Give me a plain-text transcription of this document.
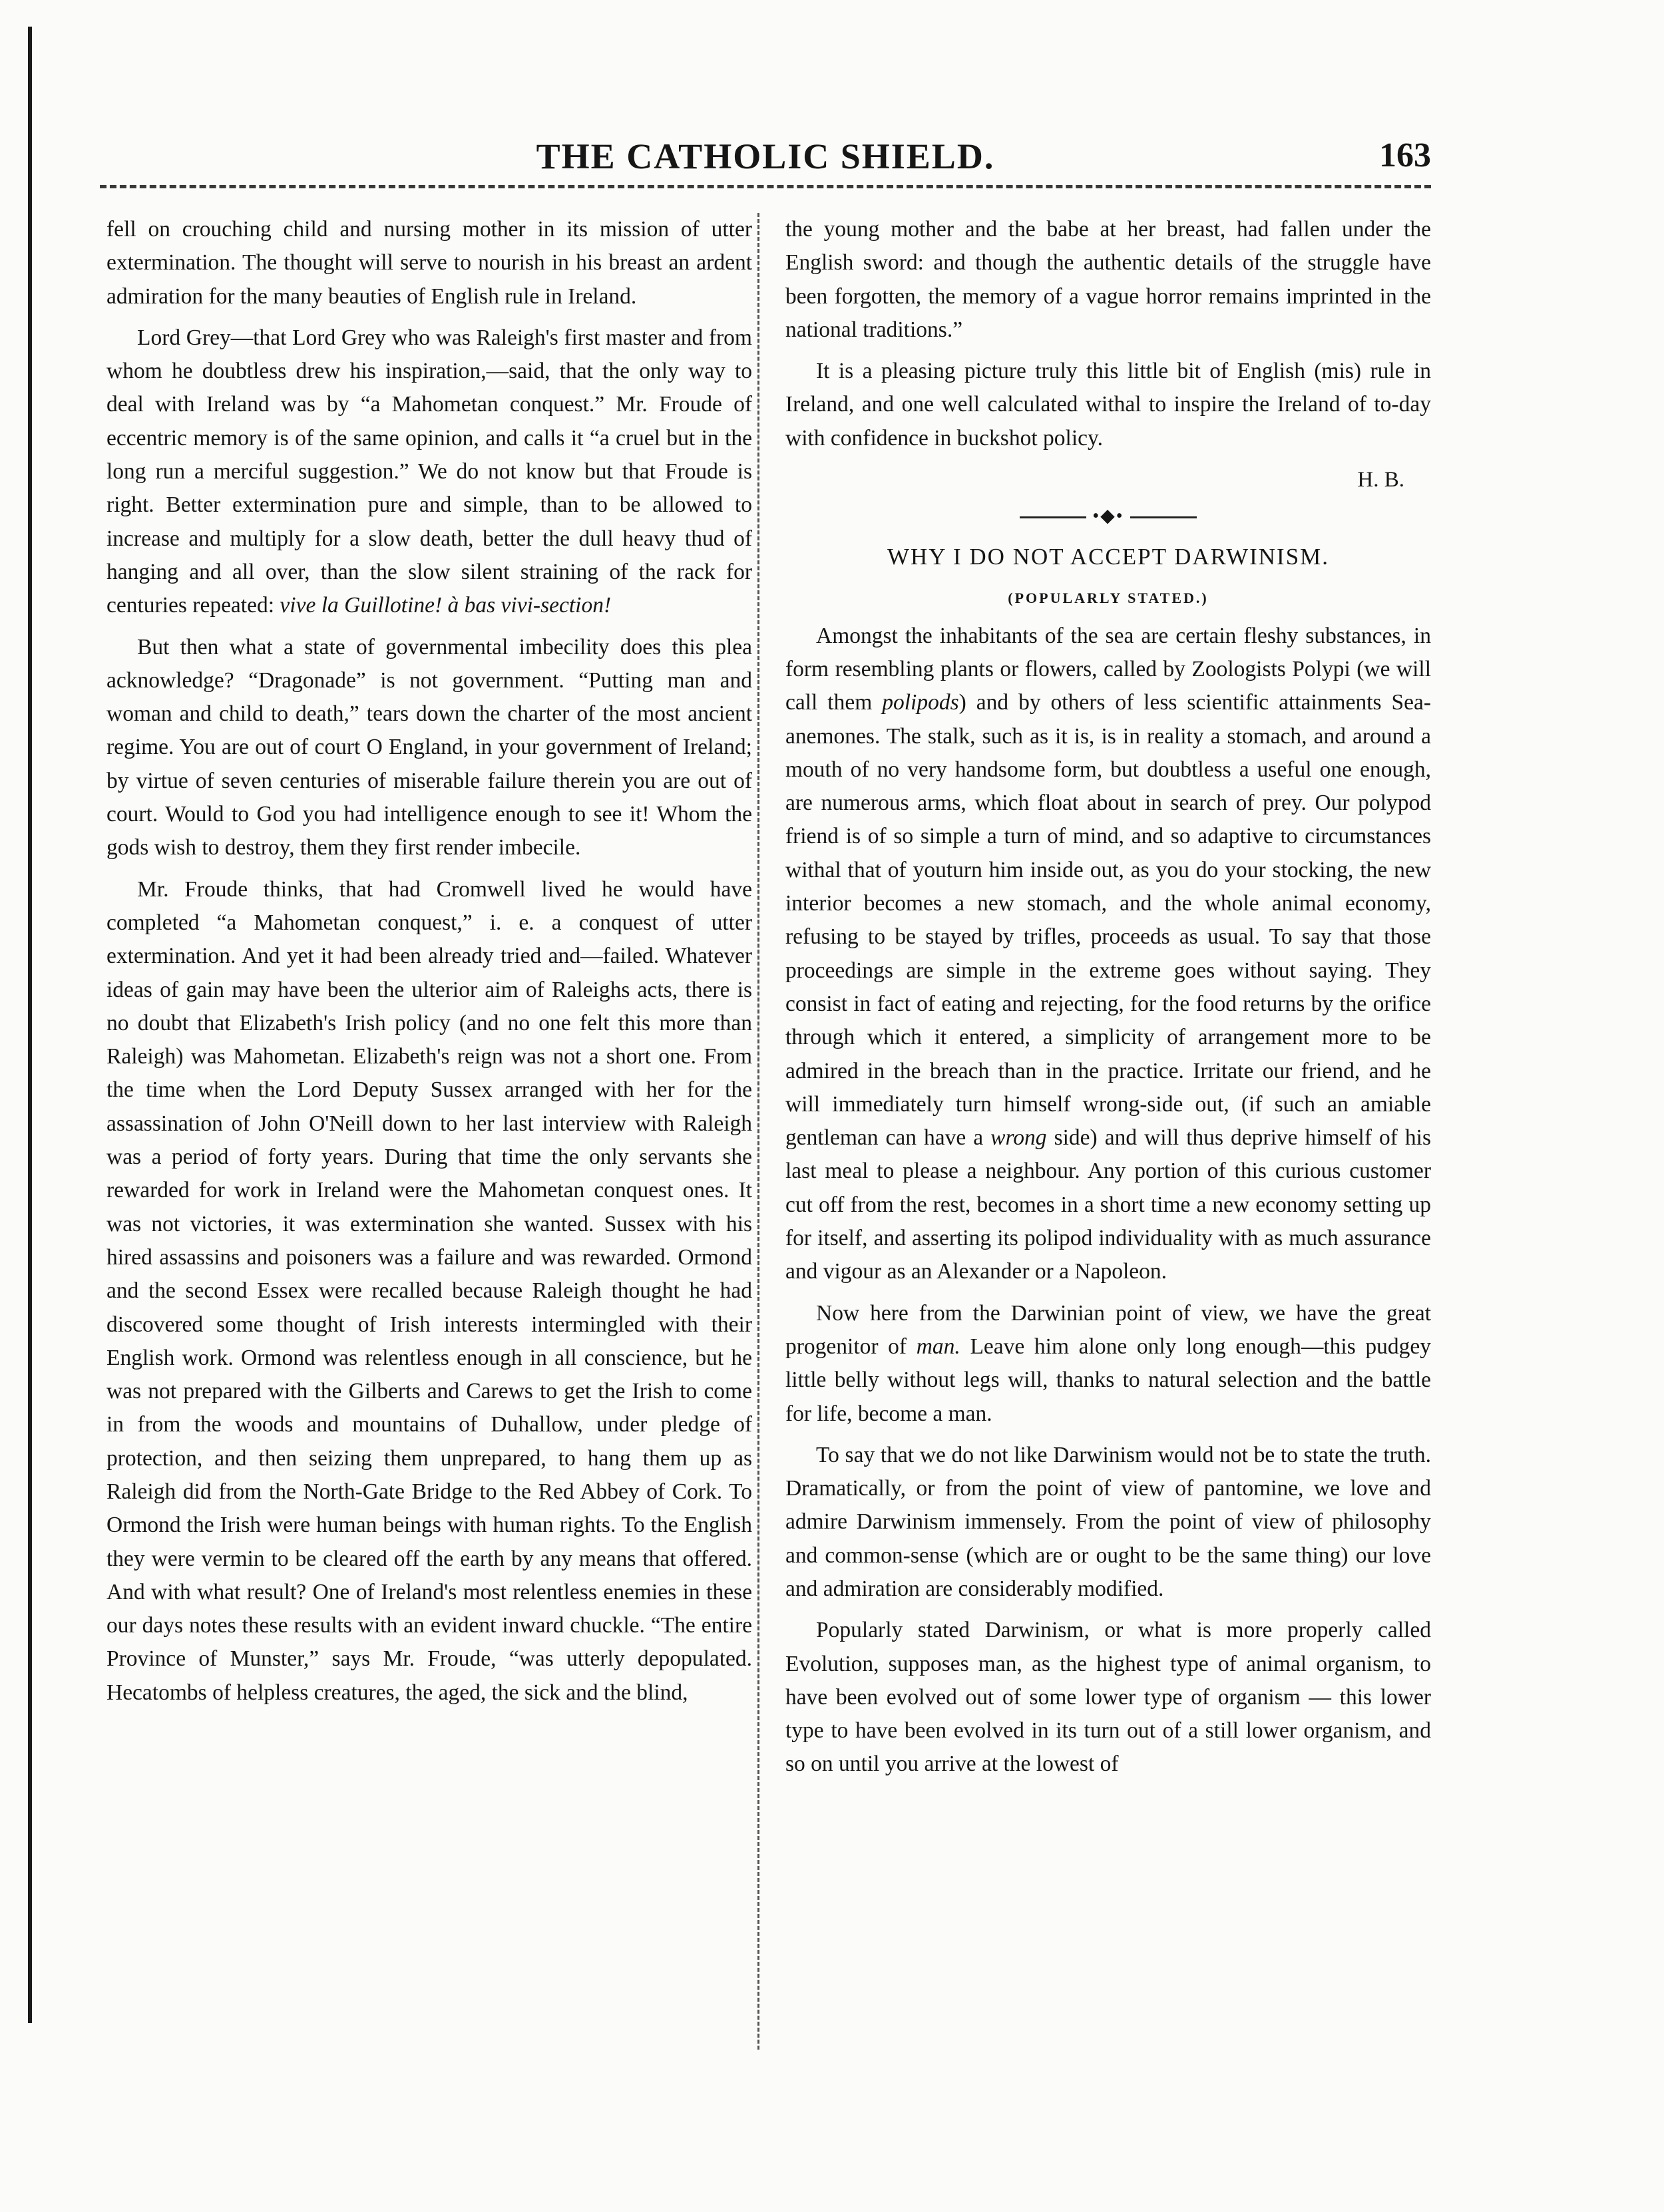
THE CATHOLIC SHIELD.	163

fell on crouching child and nursing mother in its mission of utter extermination. The thought will serve to nourish in his breast an ardent admiration for the many beauties of English rule in Ireland.

Lord Grey—that Lord Grey who was Raleigh's first master and from whom he doubtless drew his inspiration,—said, that the only way to deal with Ireland was by “a Mahometan conquest.” Mr. Froude of eccentric memory is of the same opinion, and calls it “a cruel but in the long run a merciful suggestion.” We do not know but that Froude is right. Better extermination pure and simple, than to be allowed to increase and multiply for a slow death, better the dull heavy thud of hanging and all over, than the slow silent straining of the rack for centuries repeated: vive la Guillotine! à bas vivi-section!

But then what a state of governmental imbecility does this plea acknowledge? “Dragonade” is not government. “Putting man and woman and child to death,” tears down the charter of the most ancient regime. You are out of court O England, in your government of Ireland; by virtue of seven centuries of miserable failure therein you are out of court. Would to God you had intelligence enough to see it! Whom the gods wish to destroy, them they first render imbecile.

Mr. Froude thinks, that had Cromwell lived he would have completed “a Mahometan conquest,” i. e. a conquest of utter extermination. And yet it had been already tried and—failed. Whatever ideas of gain may have been the ulterior aim of Raleighs acts, there is no doubt that Elizabeth's Irish policy (and no one felt this more than Raleigh) was Mahometan. Elizabeth's reign was not a short one. From the time when the Lord Deputy Sussex arranged with her for the assassination of John O'Neill down to her last interview with Raleigh was a period of forty years. During that time the only servants she rewarded for work in Ireland were the Mahometan conquest ones. It was not victories, it was extermination she wanted. Sussex with his hired assassins and poisoners was a failure and was rewarded. Ormond and the second Essex were recalled because Raleigh thought he had discovered some thought of Irish interests intermingled with their English work. Ormond was relentless enough in all conscience, but he was not prepared with the Gilberts and Carews to get the Irish to come in from the woods and mountains of Duhallow, under pledge of protection, and then seizing them unprepared, to hang them up as Raleigh did from the North-Gate Bridge to the Red Abbey of Cork. To Ormond the Irish were human beings with human rights. To the English they were vermin to be cleared off the earth by any means that offered. And with what result? One of Ireland's most relentless enemies in these our days notes these results with an evident inward chuckle. “The entire Province of Munster,” says Mr. Froude, “was utterly depopulated. Hecatombs of helpless creatures, the aged, the sick and the blind,

the young mother and the babe at her breast, had fallen under the English sword: and though the authentic details of the struggle have been forgotten, the memory of a vague horror remains imprinted in the national traditions.”

It is a pleasing picture truly this little bit of English (mis) rule in Ireland, and one well calculated withal to inspire the Ireland of to-day with confidence in buckshot policy.

H. B.
•◆•
WHY I DO NOT ACCEPT DARWINISM.
(POPULARLY STATED.)

Amongst the inhabitants of the sea are certain fleshy substances, in form resembling plants or flowers, called by Zoologists Polypi (we will call them polipods) and by others of less scientific attainments Sea-anemones. The stalk, such as it is, is in reality a stomach, and around a mouth of no very handsome form, but doubtless a useful one enough, are numerous arms, which float about in search of prey. Our polypod friend is of so simple a turn of mind, and so adaptive to circumstances withal that of youturn him inside out, as you do your stocking, the new interior becomes a new stomach, and the whole animal economy, refusing to be stayed by trifles, proceeds as usual. To say that those proceedings are simple in the extreme goes without saying. They consist in fact of eating and rejecting, for the food returns by the orifice through which it entered, a simplicity of arrangement more to be admired in the breach than in the practice. Irritate our friend, and he will immediately turn himself wrong-side out, (if such an amiable gentleman can have a wrong side) and will thus deprive himself of his last meal to please a neighbour. Any portion of this curious customer cut off from the rest, becomes in a short time a new economy setting up for itself, and asserting its polipod individuality with as much assurance and vigour as an Alexander or a Napoleon.

Now here from the Darwinian point of view, we have the great progenitor of man. Leave him alone only long enough—this pudgey little belly without legs will, thanks to natural selection and the battle for life, become a man.

To say that we do not like Darwinism would not be to state the truth. Dramatically, or from the point of view of pantomine, we love and admire Darwinism immensely. From the point of view of philosophy and common-sense (which are or ought to be the same thing) our love and admiration are considerably modified.

Popularly stated Darwinism, or what is more properly called Evolution, supposes man, as the highest type of animal organism, to have been evolved out of some lower type of organism — this lower type to have been evolved in its turn out of a still lower organism, and so on until you arrive at the lowest of
